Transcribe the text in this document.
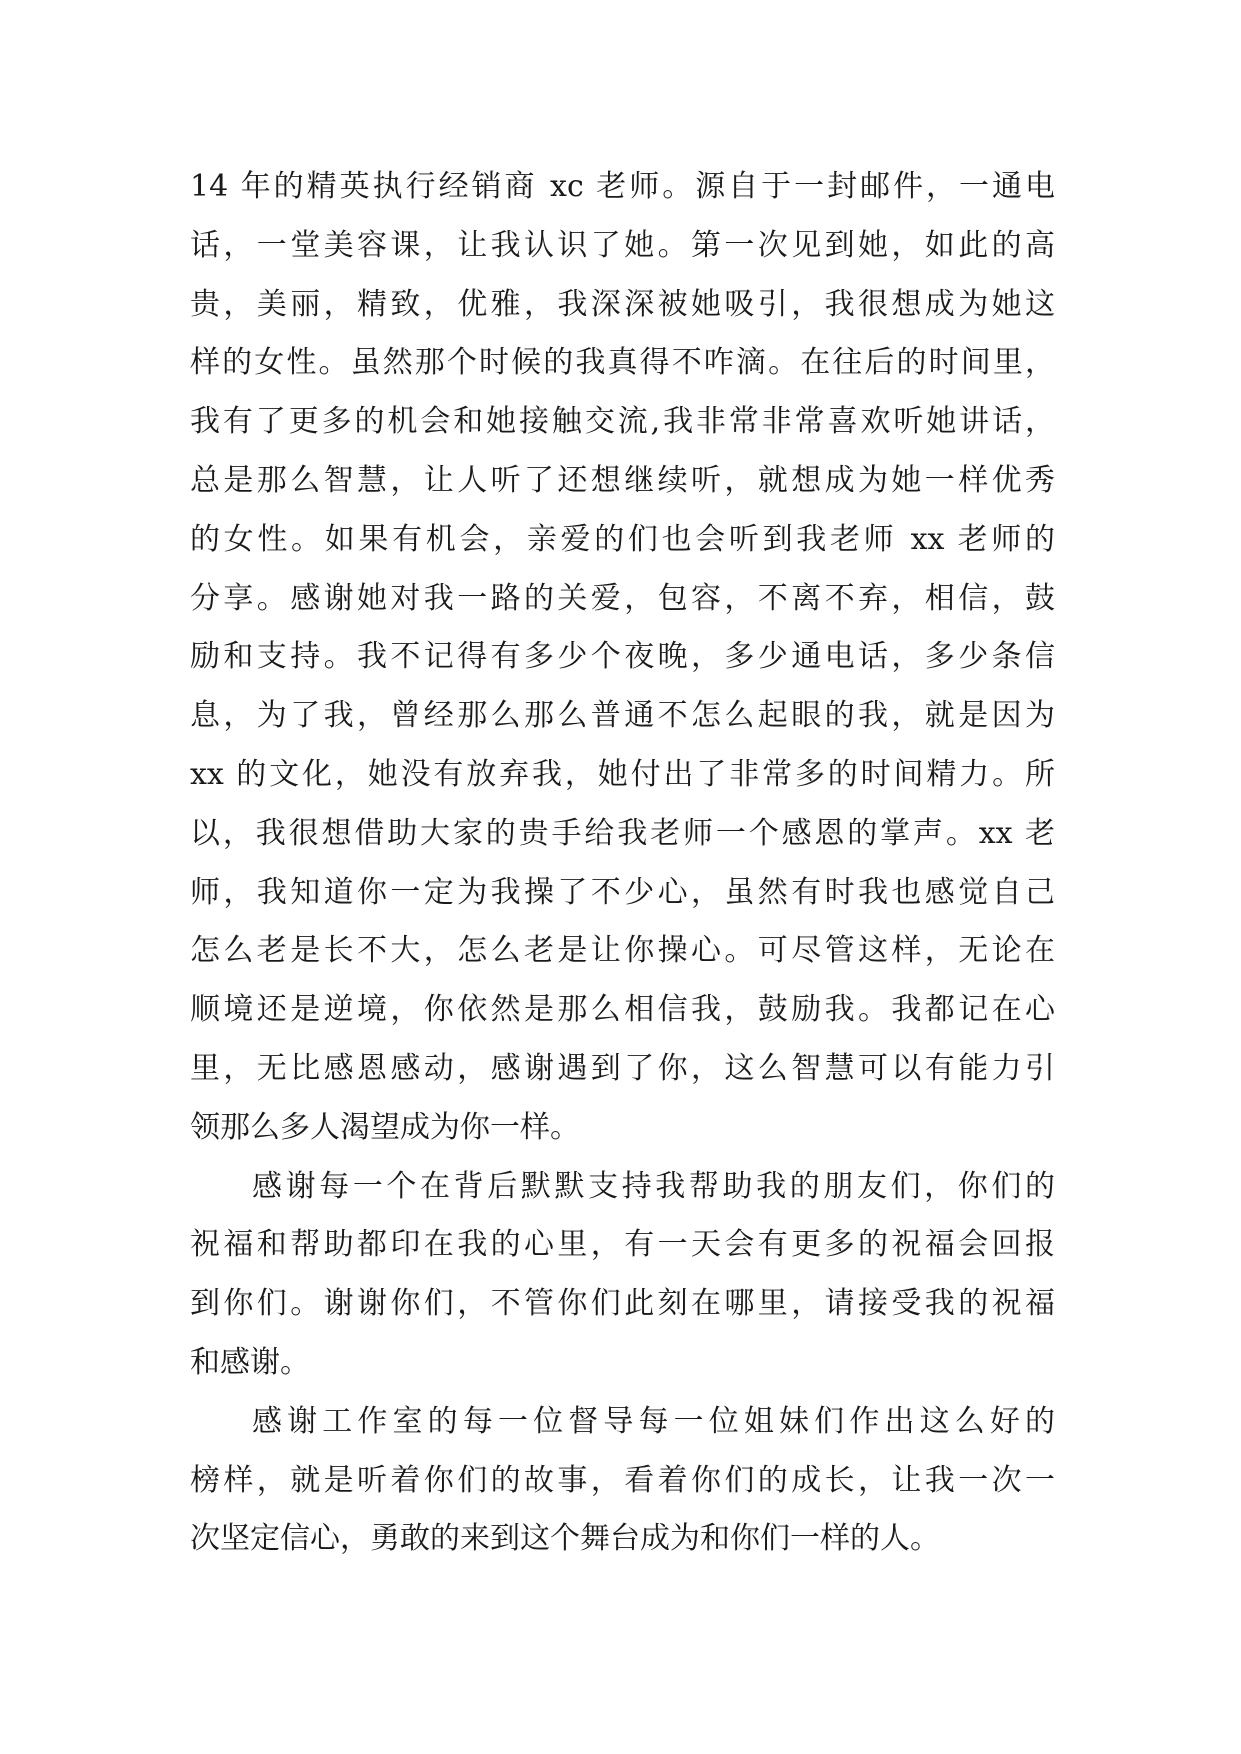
14 年的精英执行经销商 xc 老师。源自于一封邮件，一通电
话，一堂美容课，让我认识了她。第一次见到她，如此的高
贵，美丽，精致，优雅，我深深被她吸引，我很想成为她这
样的女性。虽然那个时候的我真得不咋滴。在往后的时间里，
我有了更多的机会和她接触交流,我非常非常喜欢听她讲话，
总是那么智慧，让人听了还想继续听，就想成为她一样优秀
的女性。如果有机会，亲爱的们也会听到我老师 xx 老师的
分享。感谢她对我一路的关爱，包容，不离不弃，相信，鼓
励和支持。我不记得有多少个夜晚，多少通电话，多少条信
息，为了我，曾经那么那么普通不怎么起眼的我，就是因为
xx 的文化，她没有放弃我，她付出了非常多的时间精力。所
以，我很想借助大家的贵手给我老师一个感恩的掌声。xx 老
师，我知道你一定为我操了不少心，虽然有时我也感觉自己
怎么老是长不大，怎么老是让你操心。可尽管这样，无论在
顺境还是逆境，你依然是那么相信我，鼓励我。我都记在心
里，无比感恩感动，感谢遇到了你，这么智慧可以有能力引
领那么多人渴望成为你一样。
感谢每一个在背后默默支持我帮助我的朋友们，你们的
祝福和帮助都印在我的心里，有一天会有更多的祝福会回报
到你们。谢谢你们，不管你们此刻在哪里，请接受我的祝福
和感谢。
感谢工作室的每一位督导每一位姐妹们作出这么好的
榜样，就是听着你们的故事，看着你们的成长，让我一次一
次坚定信心，勇敢的来到这个舞台成为和你们一样的人。
